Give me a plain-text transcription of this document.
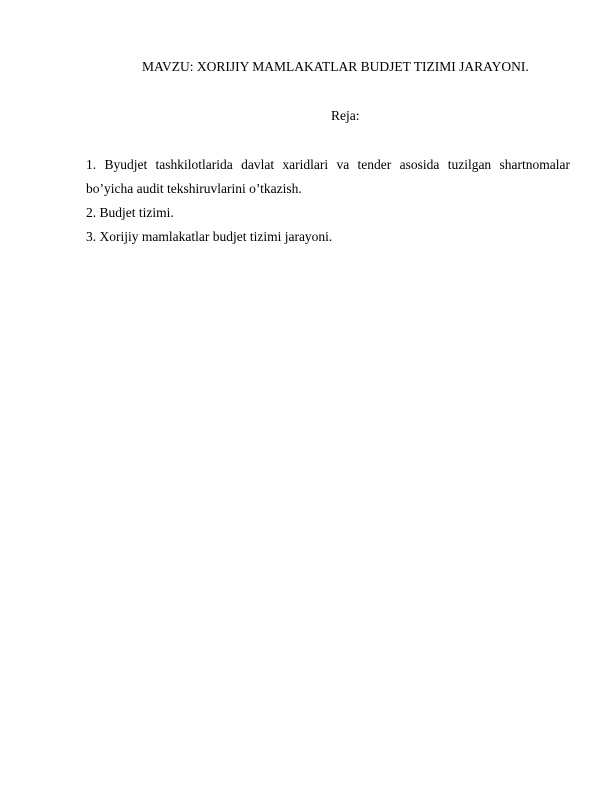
MAVZU: XORIJIY MAMLAKATLAR BUDJET TIZIMI JARAYONI.
Reja:
1. Byudjet tashkilotlarida davlat xaridlari va tender asosida tuzilgan shartnomalar bo’yicha audit tekshiruvlarini o’tkazish.
2. Budjet tizimi.
3. Xorijiy mamlakatlar budjet tizimi jarayoni.
